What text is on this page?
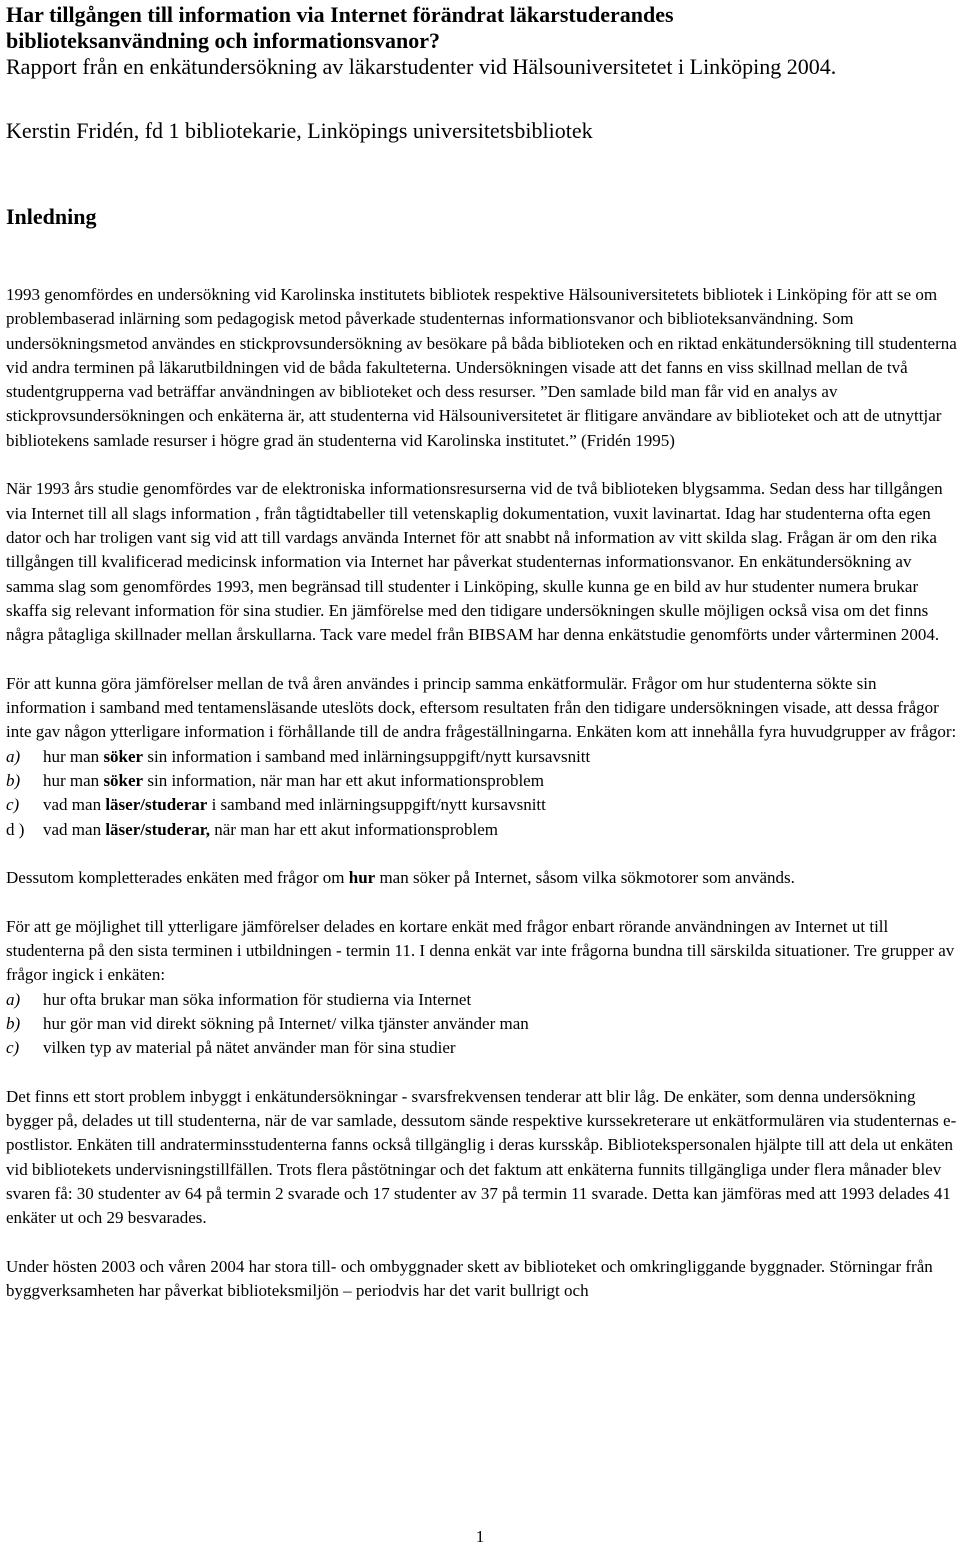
Har tillgången till information via Internet förändrat läkarstuderandes
biblioteksanvändning och informationsvanor?
Rapport från en enkätundersökning av läkarstudenter vid Hälsouniversitetet i Linköping 2004.

Kerstin Fridén, fd 1 bibliotekarie, Linköpings universitetsbibliotek

Inledning

1993 genomfördes en undersökning vid Karolinska institutets bibliotek respektive Hälsouniversitetets bibliotek i Linköping för att se om problembaserad inlärning som pedagogisk metod påverkade studenternas informationsvanor och biblioteksanvändning. Som undersökningsmetod användes en stickprovsundersökning av besökare på båda biblioteken och en riktad enkätundersökning till studenterna vid andra terminen på läkarutbildningen vid de båda fakulteterna. Undersökningen visade att det fanns en viss skillnad mellan de två studentgrupperna vad beträffar användningen av biblioteket och dess resurser. ”Den samlade bild man får vid en analys av stickprovsundersökningen och enkäterna är, att studenterna vid Hälsouniversitetet är flitigare användare av biblioteket och att de utnyttjar bibliotekens samlade resurser i högre grad än studenterna vid Karolinska institutet.” (Fridén 1995)

När 1993 års studie genomfördes var de elektroniska informationsresurserna vid de två biblioteken blygsamma. Sedan dess har tillgången via Internet till all slags information , från tågtidtabeller till vetenskaplig dokumentation, vuxit lavinartat. Idag har studenterna ofta egen dator och har troligen vant sig vid att till vardags använda Internet för att snabbt nå information av vitt skilda slag. Frågan är om den rika tillgången till kvalificerad medicinsk information via Internet har påverkat studenternas informationsvanor. En enkätundersökning av samma slag som genomfördes 1993, men begränsad till studenter i Linköping, skulle kunna ge en bild av hur studenter numera brukar skaffa sig relevant information för sina studier. En jämförelse med den tidigare undersökningen skulle möjligen också visa om det finns några påtagliga skillnader mellan årskullarna. Tack vare medel från BIBSAM har denna enkätstudie genomförts under vårterminen 2004.

För att kunna göra jämförelser mellan de två åren användes i princip samma enkätformulär. Frågor om hur studenterna sökte sin information i samband med tentamensläsande uteslöts dock, eftersom resultaten från den tidigare undersökningen visade, att dessa frågor inte gav någon ytterligare information i förhållande till de andra frågeställningarna. Enkäten kom att innehålla fyra huvudgrupper av frågor:

a)	hur man söker sin information i samband med inlärningsuppgift/nytt kursavsnitt
b)	hur man söker sin information, när man har ett akut informationsproblem
c)	vad man läser/studerar i samband med inlärningsuppgift/nytt kursavsnitt
d )	vad man läser/studerar, när man har ett akut informationsproblem

Dessutom kompletterades enkäten med frågor om hur man söker på Internet, såsom vilka sökmotorer som används.

För att ge möjlighet till ytterligare jämförelser delades en kortare enkät med frågor enbart rörande användningen av Internet ut till studenterna på den sista terminen i utbildningen - termin 11. I denna enkät var inte frågorna bundna till särskilda situationer. Tre grupper av frågor ingick i enkäten:

a)	hur ofta brukar man söka information för studierna via Internet
b)	hur gör man vid direkt sökning på Internet/ vilka tjänster använder man
c)	vilken typ av material på nätet använder man för sina studier

Det finns ett stort problem inbyggt i enkätundersökningar - svarsfrekvensen tenderar att blir låg. De enkäter, som denna undersökning bygger på, delades ut till studenterna, när de var samlade, dessutom sände respektive kurssekreterare ut enkätformulären via studenternas e-postlistor. Enkäten till andraterminsstudenterna fanns också tillgänglig i deras kursskåp. Bibliotekspersonalen hjälpte till att dela ut enkäten vid bibliotekets undervisningstillfällen. Trots flera påstötningar och det faktum att enkäterna funnits tillgängliga under flera månader blev svaren få: 30 studenter av 64 på termin 2 svarade och 17 studenter av 37 på termin 11 svarade. Detta kan jämföras med att 1993 delades 41 enkäter ut och 29 besvarades.

Under hösten 2003 och våren 2004 har stora till- och ombyggnader skett av biblioteket och omkringliggande byggnader. Störningar från byggverksamheten har påverkat biblioteksmiljön – periodvis har det varit bullrigt och

1
